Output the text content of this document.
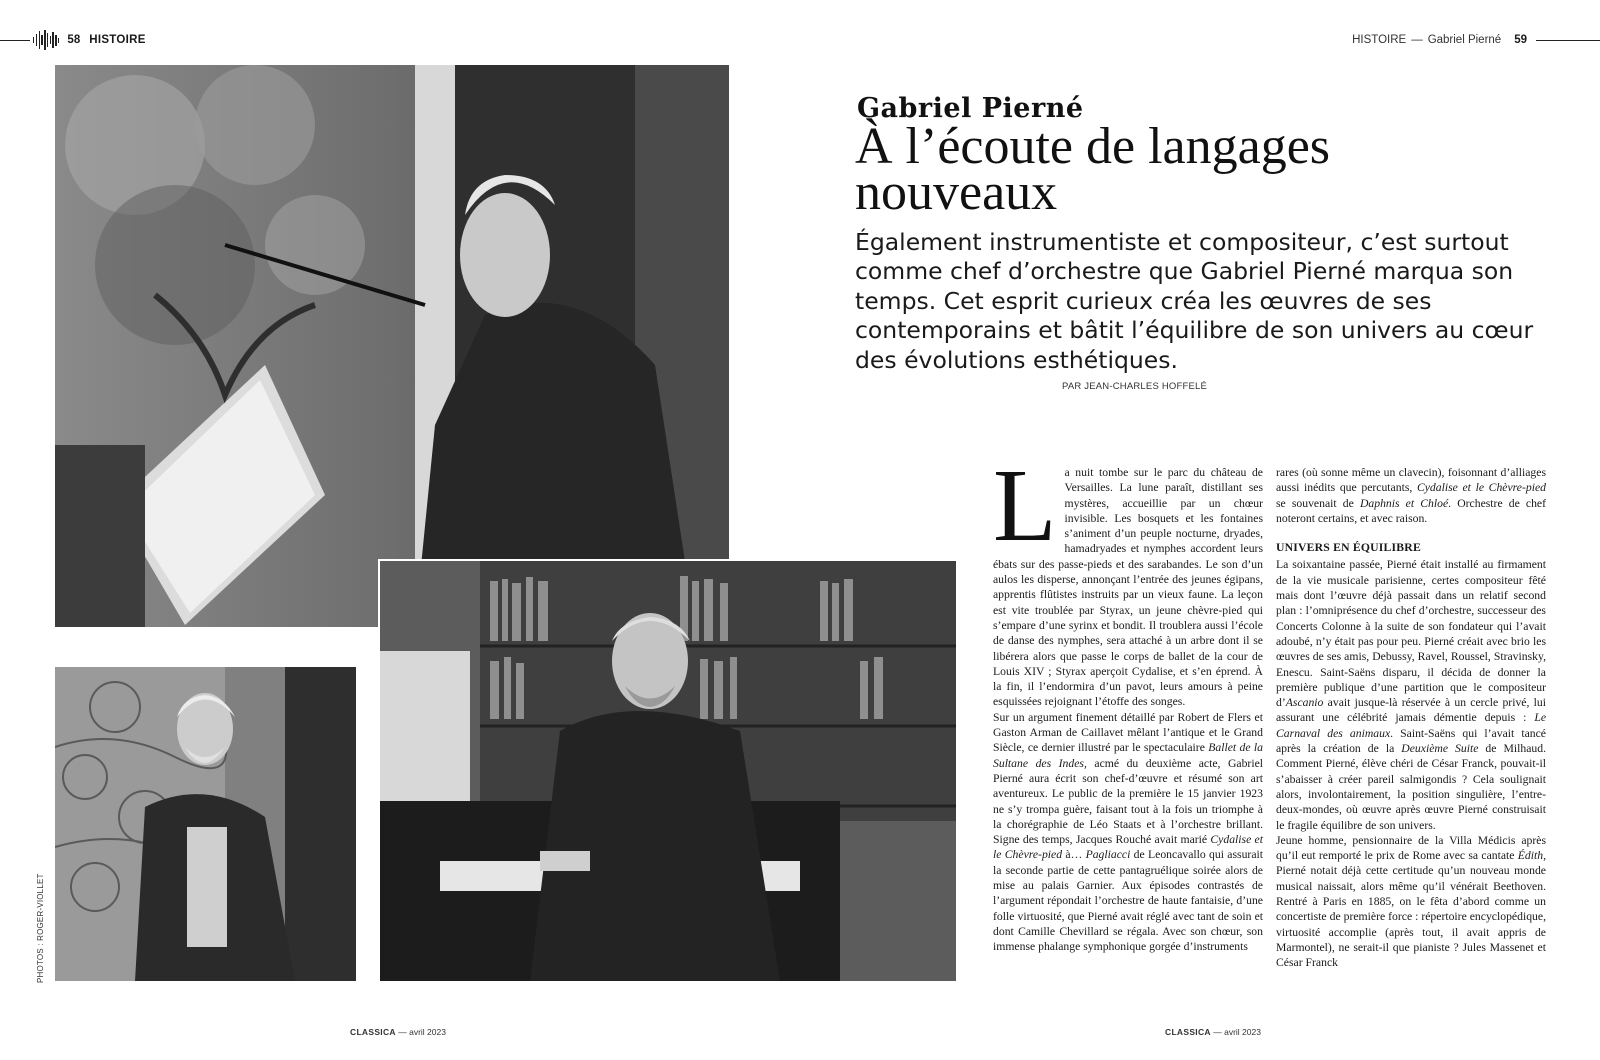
58 HISTOIRE	HISTOIRE — Gabriel Pierné 59
PHOTOS : ROGER-VIOLLET
Gabriel Pierné
À l’écoute de langages
nouveaux
Également instrumentiste et compositeur, c’est surtout comme chef d’orchestre que Gabriel Pierné marqua son temps. Cet esprit curieux créa les œuvres de ses contemporains et bâtit l’équilibre de son univers au cœur des évolutions esthétiques.
PAR JEAN-CHARLES HOFFELÉ

La nuit tombe sur le parc du château de Versailles. La lune paraît, distillant ses mystères, accueillie par un chœur invisible. Les bosquets et les fontaines s’animent d’un peuple nocturne, dryades, hamadryades et nymphes accordent leurs ébats sur des passe-pieds et des sarabandes. Le son d’un aulos les disperse, annonçant l’entrée des jeunes égipans, apprentis flûtistes instruits par un vieux faune. La leçon est vite troublée par Styrax, un jeune chèvre-pied qui s’empare d’une syrinx et bondit. Il troublera aussi l’école de danse des nymphes, sera attaché à un arbre dont il se libérera alors que passe le corps de ballet de la cour de Louis XIV ; Styrax aperçoit Cydalise, et s’en éprend. À la fin, il l’endormira d’un pavot, leurs amours à peine esquissées rejoignant l’étoffe des songes.

Sur un argument finement détaillé par Robert de Flers et Gaston Arman de Caillavet mêlant l’antique et le Grand Siècle, ce dernier illustré par le spectaculaire Ballet de la Sultane des Indes, acmé du deuxième acte, Gabriel Pierné aura écrit son chef-d’œuvre et résumé son art aventureux. Le public de la première le 15 janvier 1923 ne s’y trompa guère, faisant tout à la fois un triomphe à la chorégraphie de Léo Staats et à l’orchestre brillant. Signe des temps, Jacques Rouché avait marié Cydalise et le Chèvre-pied à… Pagliacci de Leoncavallo qui assurait la seconde partie de cette pantagruélique soirée alors de mise au palais Garnier. Aux épisodes contrastés de l’argument répondait l’orchestre de haute fantaisie, d’une folle virtuosité, que Pierné avait réglé avec tant de soin et dont Camille Chevillard se régala. Avec son chœur, son immense phalange symphonique gorgée d’instruments

rares (où sonne même un clavecin), foisonnant d’alliages aussi inédits que percutants, Cydalise et le Chèvre-pied se souvenait de Daphnis et Chloé. Orchestre de chef noteront certains, et avec raison.

UNIVERS EN ÉQUILIBRE

La soixantaine passée, Pierné était installé au firmament de la vie musicale parisienne, certes compositeur fêté mais dont l’œuvre déjà passait dans un relatif second plan : l’omniprésence du chef d’orchestre, successeur des Concerts Colonne à la suite de son fondateur qui l’avait adoubé, n’y était pas pour peu. Pierné créait avec brio les œuvres de ses amis, Debussy, Ravel, Roussel, Stravinsky, Enescu. Saint-Saëns disparu, il décida de donner la première publique d’une partition que le compositeur d’Ascanio avait jusque-là réservée à un cercle privé, lui assurant une célébrité jamais démentie depuis : Le Carnaval des animaux. Saint-Saëns qui l’avait tancé après la création de la Deuxième Suite de Milhaud. Comment Pierné, élève chéri de César Franck, pouvait-il s’abaisser à créer pareil salmigondis ? Cela soulignait alors, involontairement, la position singulière, l’entre-deux-mondes, où œuvre après œuvre Pierné construisait le fragile équilibre de son univers.

Jeune homme, pensionnaire de la Villa Médicis après qu’il eut remporté le prix de Rome avec sa cantate Édith, Pierné notait déjà cette certitude qu’un nouveau monde musical naissait, alors même qu’il vénérait Beethoven. Rentré à Paris en 1885, on le fêta d’abord comme un concertiste de première force : répertoire encyclopédique, virtuosité accomplie (après tout, il avait appris de Marmontel), ne serait-il que pianiste ? Jules Massenet et César Franck

CLASSICA — avril 2023	CLASSICA — avril 2023
